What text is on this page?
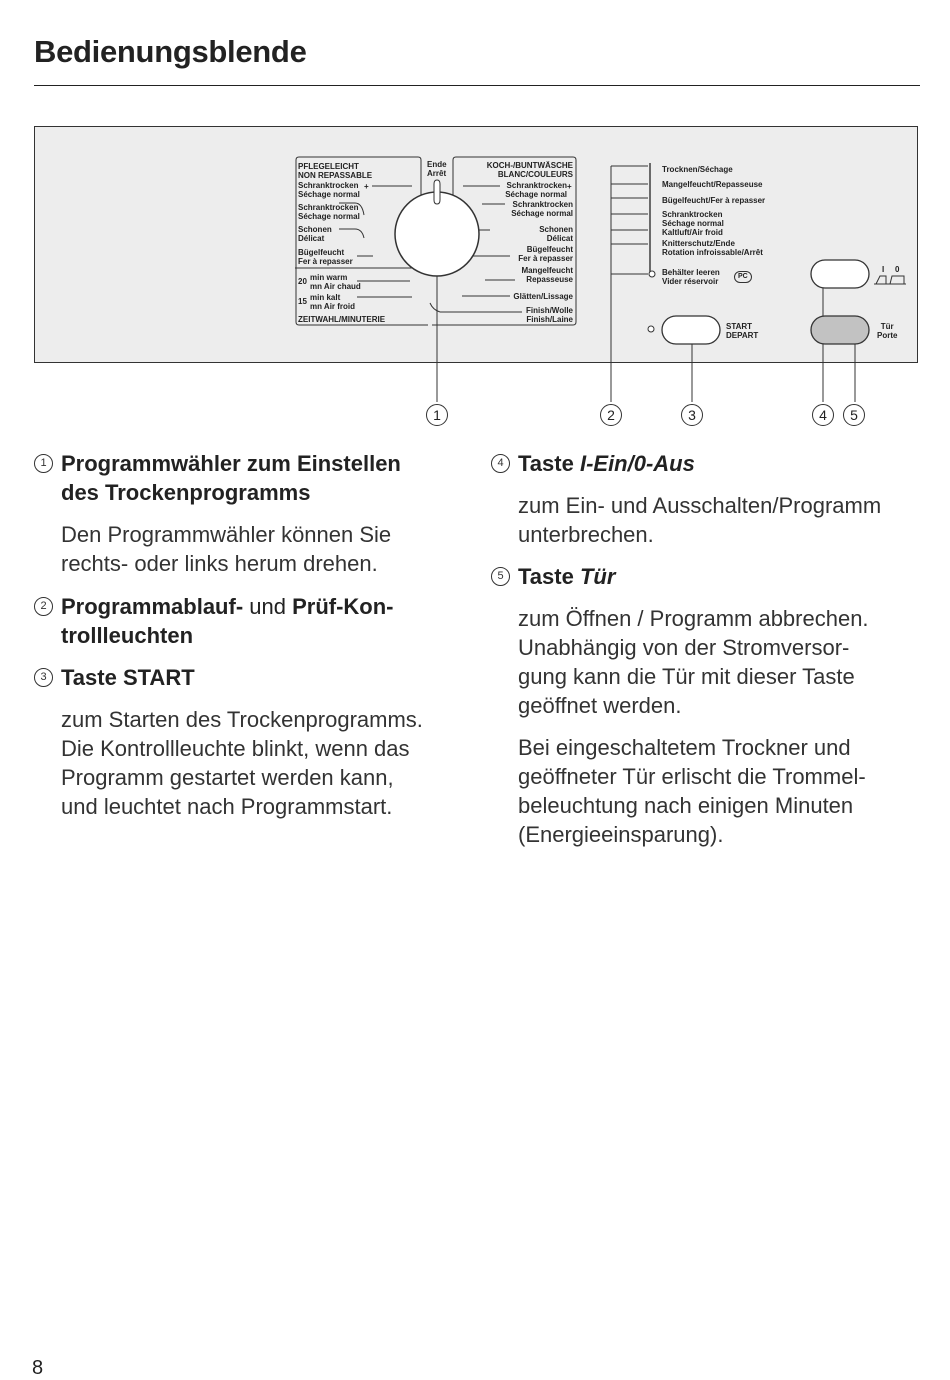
Bedienungsblende
PFLEGELEICHT
NON REPASSABLE
Schranktrocken
Séchage normal
+
Schranktrocken
Séchage normal
Schonen
Délicat
Bügelfeucht
Fer à repasser
20 min warm
mn Air chaud
15 min kalt
mn Air froid
ZEITWAHL/MINUTERIE
Ende
Arrêt
KOCH-/BUNTWÄSCHE
BLANC/COULEURS
Schranktrocken
Séchage normal
+
Schranktrocken
Séchage normal
Schonen
Délicat
Bügelfeucht
Fer à repasser
Mangelfeucht
Repasseuse
Glätten/Lissage
Finish/Wolle
Finish/Laine
Trocknen/Séchage
Mangelfeucht/Repasseuse
Bügelfeucht/Fer à repasser
Schranktrocken
Séchage normal
Kaltluft/Air froid
Knitterschutz/Ende
Rotation infroissable/Arrêt
Behälter leeren
Vider réservoir
PC
START
DEPART
I 0
Tür
Porte
1	2	3	4	5
1 Programmwähler zum Einstellen
des Trockenprogramms
Den Programmwähler können Sie
rechts- oder links herum drehen.
2 Programmablauf- und Prüf-Kon-
trollleuchten
3 Taste START
zum Starten des Trockenprogramms.
Die Kontrollleuchte blinkt, wenn das
Programm gestartet werden kann,
und leuchtet nach Programmstart.
4 Taste I-Ein/0-Aus
zum Ein- und Ausschalten/Programm
unterbrechen.
5 Taste Tür
zum Öffnen / Programm abbrechen.
Unabhängig von der Stromversor-
gung kann die Tür mit dieser Taste
geöffnet werden.
Bei eingeschaltetem Trockner und
geöffneter Tür erlischt die Trommel-
beleuchtung nach einigen Minuten
(Energieeinsparung).
8
